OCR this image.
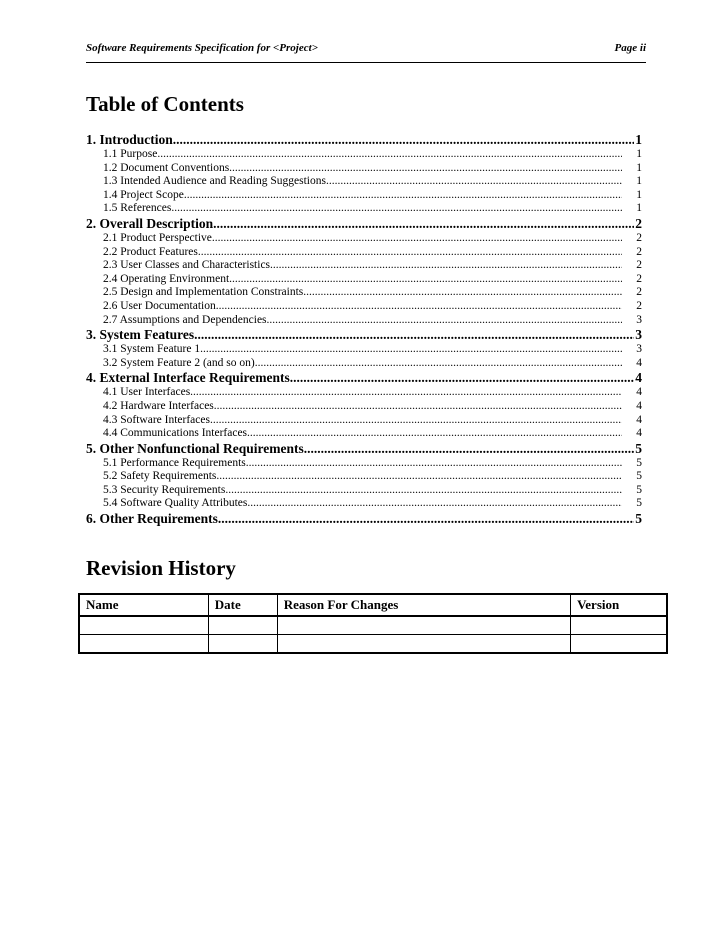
Software Requirements Specification for <Project>	Page ii
Table of Contents
1. Introduction .....	1
1.1 Purpose .....	1
1.2 Document Conventions .....	1
1.3 Intended Audience and Reading Suggestions .....	1
1.4 Project Scope .....	1
1.5 References .....	1
2. Overall Description .....	2
2.1 Product Perspective .....	2
2.2 Product Features .....	2
2.3 User Classes and Characteristics .....	2
2.4 Operating Environment .....	2
2.5 Design and Implementation Constraints .....	2
2.6 User Documentation .....	2
2.7 Assumptions and Dependencies .....	3
3. System Features .....	3
3.1 System Feature 1 .....	3
3.2 System Feature 2 (and so on) .....	4
4. External Interface Requirements .....	4
4.1 User Interfaces .....	4
4.2 Hardware Interfaces .....	4
4.3 Software Interfaces .....	4
4.4 Communications Interfaces .....	4
5. Other Nonfunctional Requirements .....	5
5.1 Performance Requirements .....	5
5.2 Safety Requirements .....	5
5.3 Security Requirements .....	5
5.4 Software Quality Attributes .....	5
6. Other Requirements .....	5
Revision History
Name	Date	Reason For Changes	Version
